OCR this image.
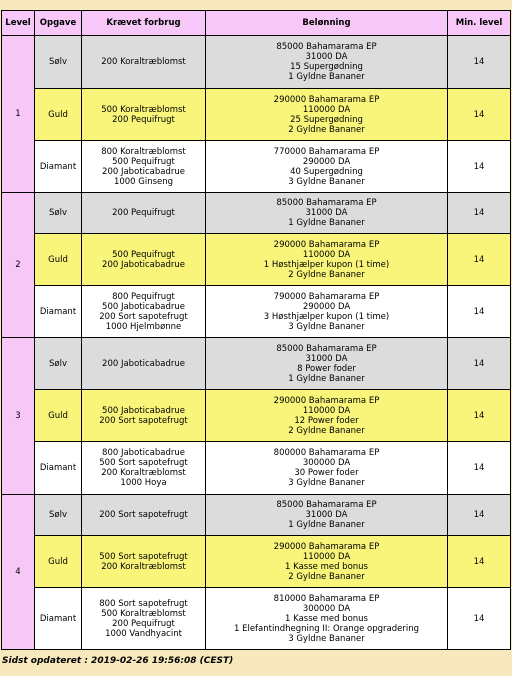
Level	Opgave	Krævet forbrug	Belønning	Min. level
1	Sølv	200 Koraltræblomst	85000 Bahamarama EP
31000 DA
15 Supergødning
1 Gyldne Bananer	14
	Guld	500 Koraltræblomst
200 Pequifrugt	290000 Bahamarama EP
110000 DA
25 Supergødning
2 Gyldne Bananer	14
	Diamant	800 Koraltræblomst
500 Pequifrugt
200 Jaboticabadrue
1000 Ginseng	770000 Bahamarama EP
290000 DA
40 Supergødning
3 Gyldne Bananer	14
2	Sølv	200 Pequifrugt	85000 Bahamarama EP
31000 DA
1 Gyldne Bananer	14
	Guld	500 Pequifrugt
200 Jaboticabadrue	290000 Bahamarama EP
110000 DA
1 Høsthjælper kupon (1 time)
2 Gyldne Bananer	14
	Diamant	800 Pequifrugt
500 Jaboticabadrue
200 Sort sapotefrugt
1000 Hjelmbønne	790000 Bahamarama EP
290000 DA
3 Høsthjælper kupon (1 time)
3 Gyldne Bananer	14
3	Sølv	200 Jaboticabadrue	85000 Bahamarama EP
31000 DA
8 Power foder
1 Gyldne Bananer	14
	Guld	500 Jaboticabadrue
200 Sort sapotefrugt	290000 Bahamarama EP
110000 DA
12 Power foder
2 Gyldne Bananer	14
	Diamant	800 Jaboticabadrue
500 Sort sapotefrugt
200 Koraltræblomst
1000 Hoya	800000 Bahamarama EP
300000 DA
30 Power foder
3 Gyldne Bananer	14
4	Sølv	200 Sort sapotefrugt	85000 Bahamarama EP
31000 DA
1 Gyldne Bananer	14
	Guld	500 Sort sapotefrugt
200 Koraltræblomst	290000 Bahamarama EP
110000 DA
1 Kasse med bonus
2 Gyldne Bananer	14
	Diamant	800 Sort sapotefrugt
500 Koraltræblomst
200 Pequifrugt
1000 Vandhyacint	810000 Bahamarama EP
300000 DA
1 Kasse med bonus
1 Elefantindhegning II: Orange opgradering
3 Gyldne Bananer	14
Sidst opdateret : 2019-02-26 19:56:08 (CEST)
